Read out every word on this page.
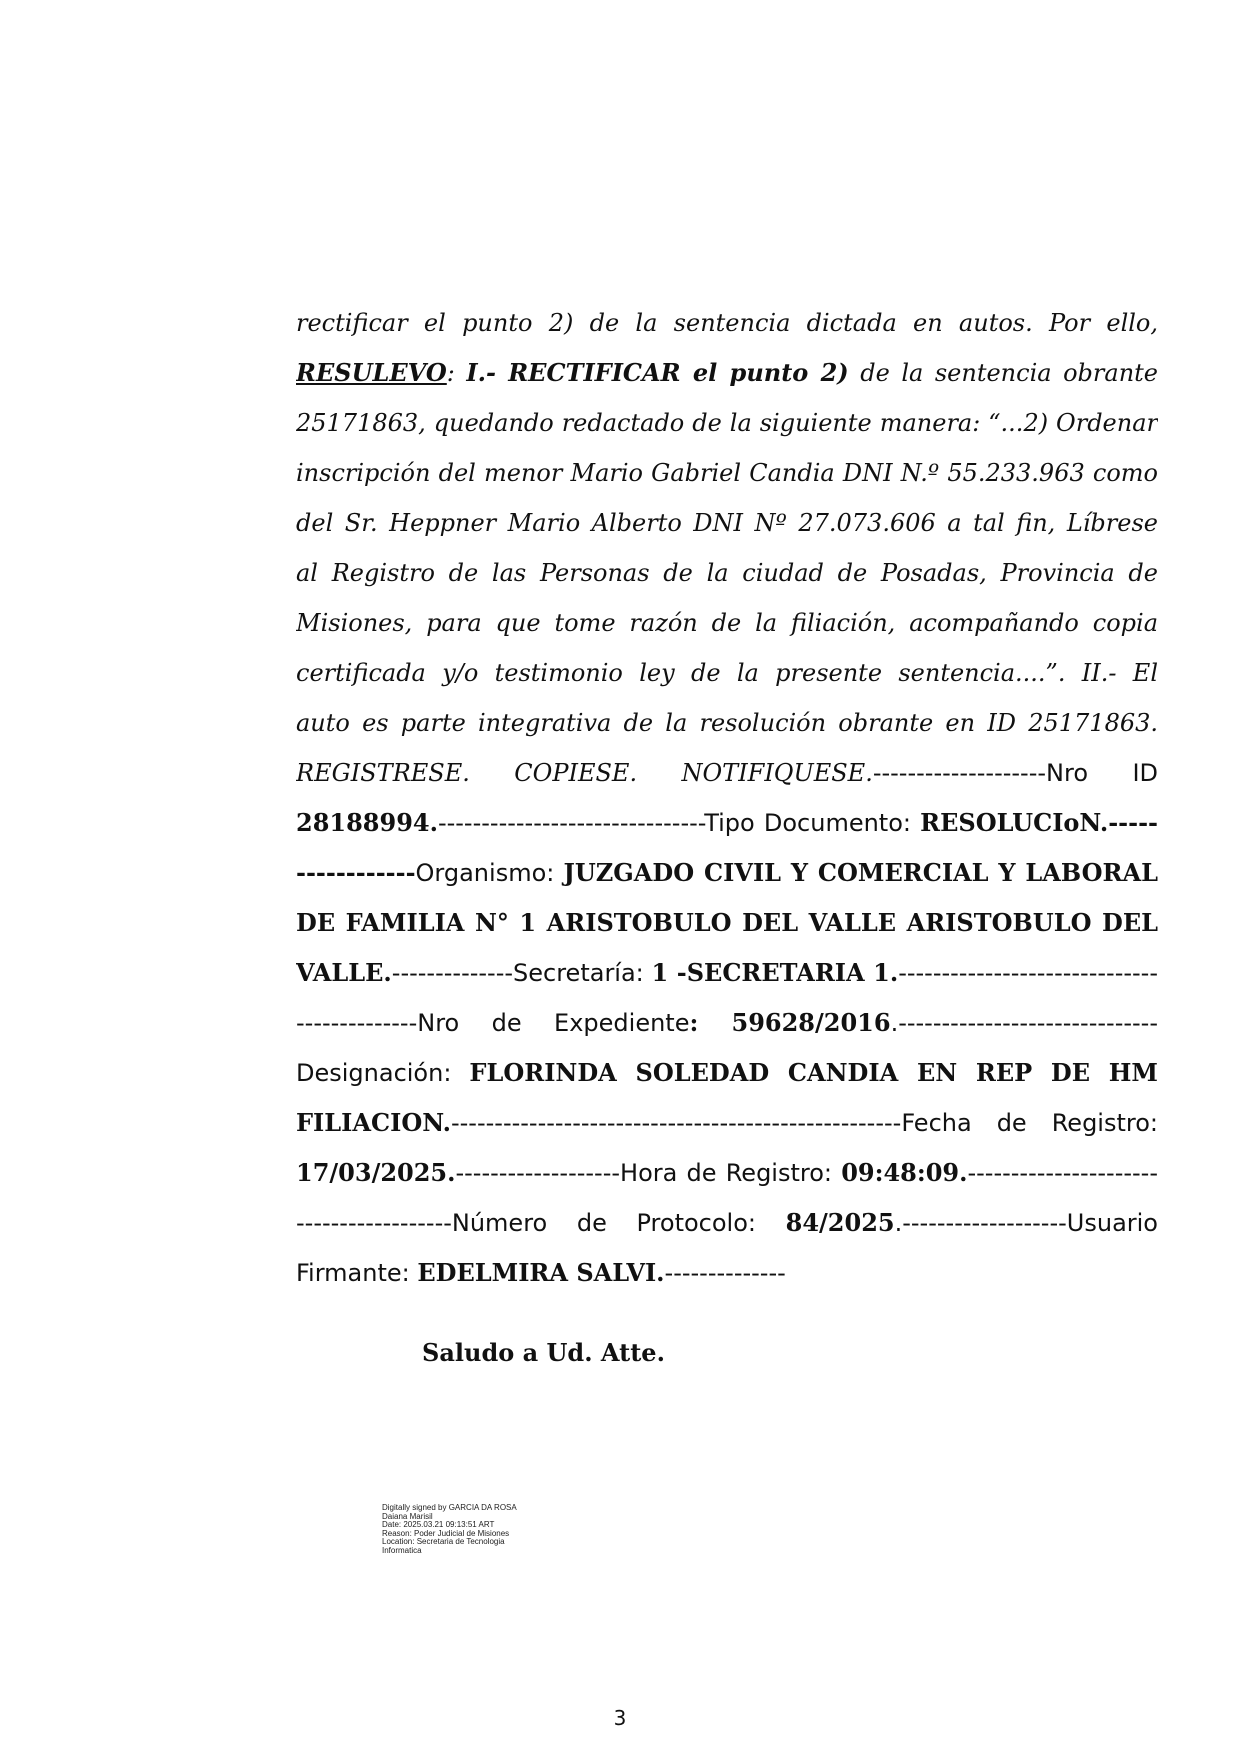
rectificar el punto 2) de la sentencia dictada en autos. Por ello,
RESULEVO: I.- RECTIFICAR el punto 2) de la sentencia obrante
25171863, quedando redactado de la siguiente manera: “...2) Ordenar
inscripción del menor Mario Gabriel Candia DNI N.º 55.233.963 como
del Sr. Heppner Mario Alberto DNI Nº 27.073.606 a tal fin, Líbrese
al Registro de las Personas de la ciudad de Posadas, Provincia de
Misiones, para que tome razón de la filiación, acompañando copia
certificada y/o testimonio ley de la presente sentencia....”. II.- El
auto es parte integrativa de la resolución obrante en ID 25171863.
REGISTRESE. COPIESE. NOTIFIQUESE.--------------------Nro ID
28188994.-------------------------------Tipo Documento: RESOLUCIoN.-----
------------Organismo: JUZGADO CIVIL Y COMERCIAL Y LABORAL
DE FAMILIA N° 1 ARISTOBULO DEL VALLE ARISTOBULO DEL
VALLE.--------------Secretaría: 1 -SECRETARIA 1.------------------------------
--------------Nro de Expediente: 59628/2016.------------------------------
Designación: FLORINDA SOLEDAD CANDIA EN REP DE HM
FILIACION.----------------------------------------------------Fecha de Registro:
17/03/2025.-------------------Hora de Registro: 09:48:09.----------------------
------------------Número de Protocolo: 84/2025.-------------------Usuario
Firmante: EDELMIRA SALVI.--------------
Saludo a Ud. Atte.
Digitally signed by GARCIA DA ROSA
Daiana Marisil
Date: 2025.03.21 09:13:51 ART
Reason: Poder Judicial de Misiones
Location: Secretaria de Tecnologia
Informatica
3
